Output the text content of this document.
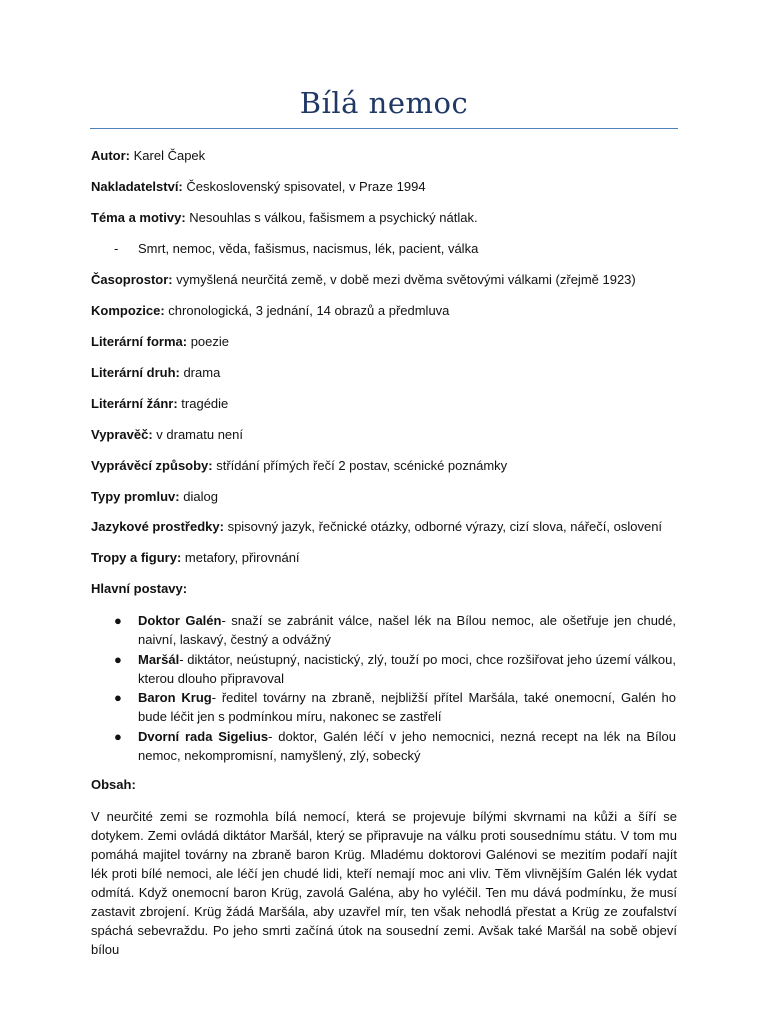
Bílá nemoc
Autor: Karel Čapek
Nakladatelství: Československý spisovatel, v Praze 1994
Téma a motivy: Nesouhlas s válkou, fašismem a psychický nátlak.
- Smrt, nemoc, věda, fašismus, nacismus, lék, pacient, válka
Časoprostor: vymyšlená neurčitá země, v době mezi dvěma světovými válkami (zřejmě 1923)
Kompozice: chronologická, 3 jednání, 14 obrazů a předmluva
Literární forma: poezie
Literární druh: drama
Literární žánr: tragédie
Vypravěč: v dramatu není
Vyprávěcí způsoby: střídání přímých řečí 2 postav, scénické poznámky
Typy promluv: dialog
Jazykové prostředky: spisovný jazyk, řečnické otázky, odborné výrazy, cizí slova, nářečí, oslovení
Tropy a figury: metafory, přirovnání
Hlavní postavy:
● Doktor Galén- snaží se zabránit válce, našel lék na Bílou nemoc, ale ošetřuje jen chudé, naivní, laskavý, čestný a odvážný
● Maršál- diktátor, neústupný, nacistický, zlý, touží po moci, chce rozšiřovat jeho území válkou, kterou dlouho připravoval
● Baron Krug- ředitel továrny na zbraně, nejbližší přítel Maršála, také onemocní, Galén ho bude léčit jen s podmínkou míru, nakonec se zastřelí
● Dvorní rada Sigelius- doktor, Galén léčí v jeho nemocnici, nezná recept na lék na Bílou nemoc, nekompromisní, namyšlený, zlý, sobecký
Obsah:
V neurčité zemi se rozmohla bílá nemocí, která se projevuje bílými skvrnami na kůži a šíří se dotykem. Zemi ovládá diktátor Maršál, který se připravuje na válku proti sousednímu státu. V tom mu pomáhá majitel továrny na zbraně baron Krüg. Mladému doktorovi Galénovi se mezitím podaří najít lék proti bílé nemoci, ale léčí jen chudé lidi, kteří nemají moc ani vliv. Těm vlivnějším Galén lék vydat odmítá. Když onemocní baron Krüg, zavolá Galéna, aby ho vyléčil. Ten mu dává podmínku, že musí zastavit zbrojení. Krüg žádá Maršála, aby uzavřel mír, ten však nehodlá přestat a Krüg ze zoufalství spáchá sebevraždu. Po jeho smrti začíná útok na sousední zemi. Avšak také Maršál na sobě objeví bílou
